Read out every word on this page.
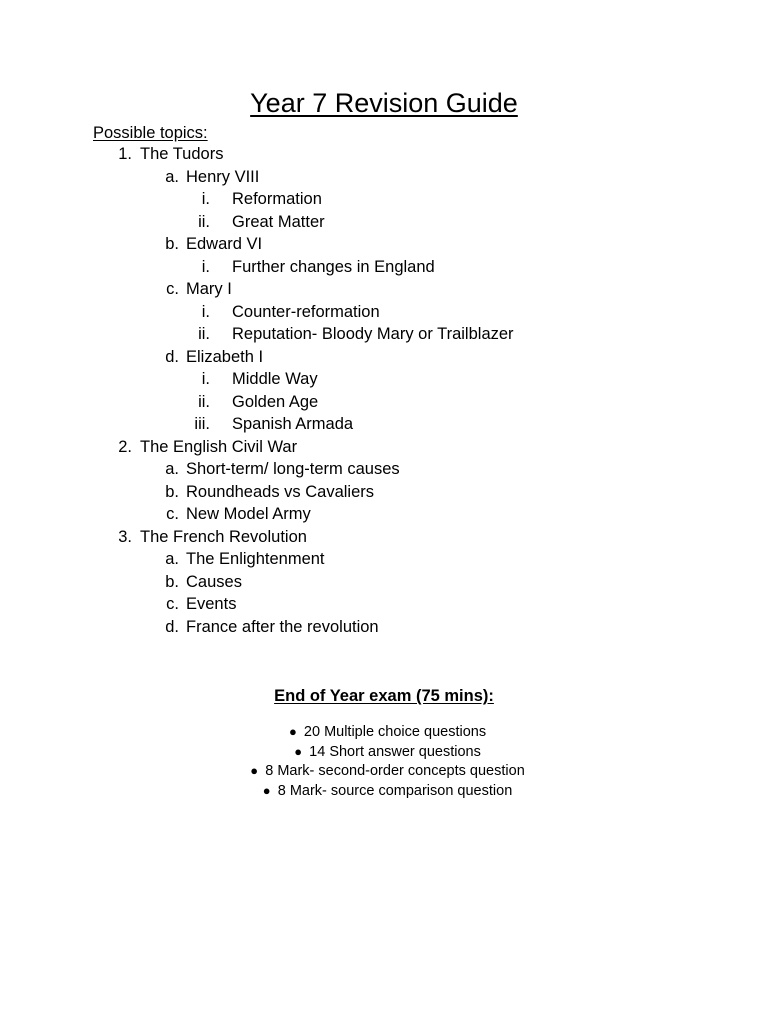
Year 7 Revision Guide
Possible topics:
1. The Tudors
a. Henry VIII
i. Reformation
ii. Great Matter
b. Edward VI
i. Further changes in England
c. Mary I
i. Counter-reformation
ii. Reputation- Bloody Mary or Trailblazer
d. Elizabeth I
i. Middle Way
ii. Golden Age
iii. Spanish Armada
2. The English Civil War
a. Short-term/ long-term causes
b. Roundheads vs Cavaliers
c. New Model Army
3. The French Revolution
a. The Enlightenment
b. Causes
c. Events
d. France after the revolution
End of Year exam (75 mins):
● 20 Multiple choice questions
● 14 Short answer questions
● 8 Mark- second-order concepts question
● 8 Mark- source comparison question
